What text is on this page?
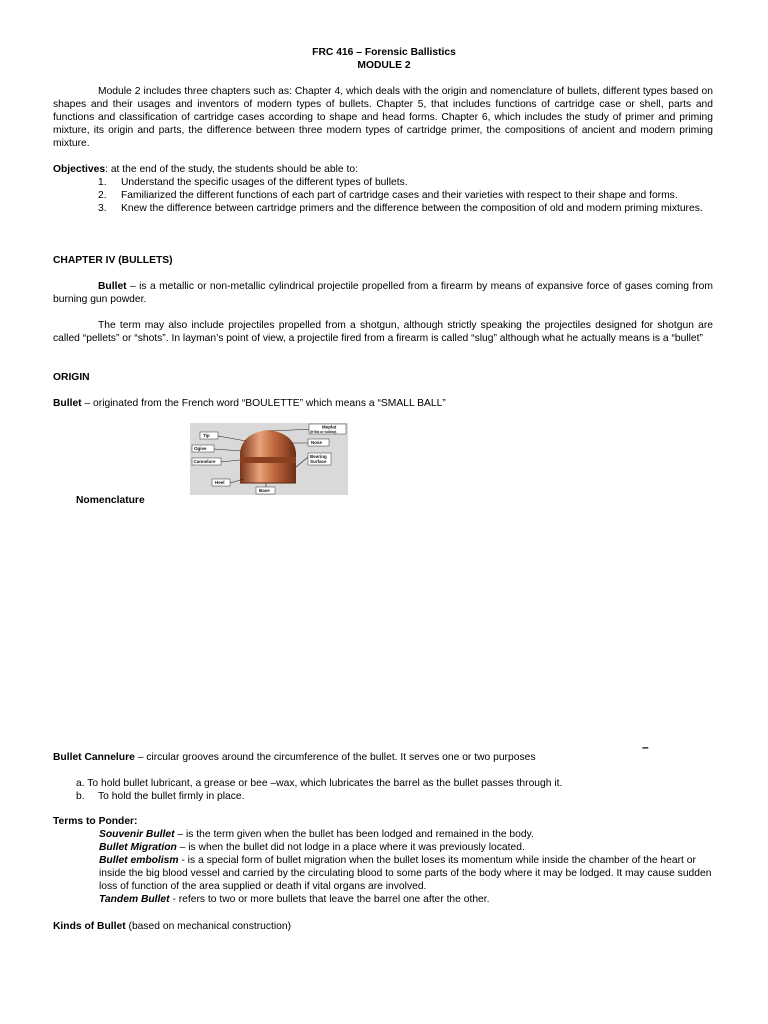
FRC 416 – Forensic Ballistics
MODULE 2
Module 2 includes three chapters such as: Chapter 4, which deals with the origin and nomenclature of bullets, different types based on shapes and their usages and inventors of modern types of bullets. Chapter 5, that includes functions of cartridge case or shell, parts and functions and classification of cartridge cases according to shape and head forms. Chapter 6, which includes the study of primer and priming mixture, its origin and parts, the difference between three modern types of cartridge primer, the compositions of ancient and modern priming mixture.
Objectives: at the end of the study, the students should be able to:
1. Understand the specific usages of the different types of bullets.
2. Familiarized the different functions of each part of cartridge cases and their varieties with respect to their shape and forms.
3. Knew the difference between cartridge primers and the difference between the composition of old and modern priming mixtures.
CHAPTER IV (BULLETS)
Bullet – is a metallic or non-metallic cylindrical projectile propelled from a firearm by means of expansive force of gases coming from burning gun powder.
The term may also include projectiles propelled from a shotgun, although strictly speaking the projectiles designed for shotgun are called “pellets” or “shots”. In layman’s point of view, a projectile fired from a firearm is called “slug” although what he actually means is a “bullet”
ORIGIN
Bullet – originated from the French word “BOULETTE” which means a “SMALL BALL”
Tip
Ogive
Cannelure
Heel
Meplat
(If flat or hollow)
Nose
Bearing
Surface
Base
Nomenclature
–
Bullet Cannelure – circular grooves around the circumference of the bullet. It serves one or two purposes
a. To hold bullet lubricant, a grease or bee –wax, which lubricates the barrel as the bullet passes through it.
b. To hold the bullet firmly in place.
Terms to Ponder:
Souvenir Bullet – is the term given when the bullet has been lodged and remained in the body.
Bullet Migration – is when the bullet did not lodge in a place where it was previously located.
Bullet embolism - is a special form of bullet migration when the bullet loses its momentum while inside the chamber of the heart or inside the big blood vessel and carried by the circulating blood to some parts of the body where it may be lodged. It may cause sudden loss of function of the area supplied or death if vital organs are involved.
Tandem Bullet - refers to two or more bullets that leave the barrel one after the other.
Kinds of Bullet (based on mechanical construction)
